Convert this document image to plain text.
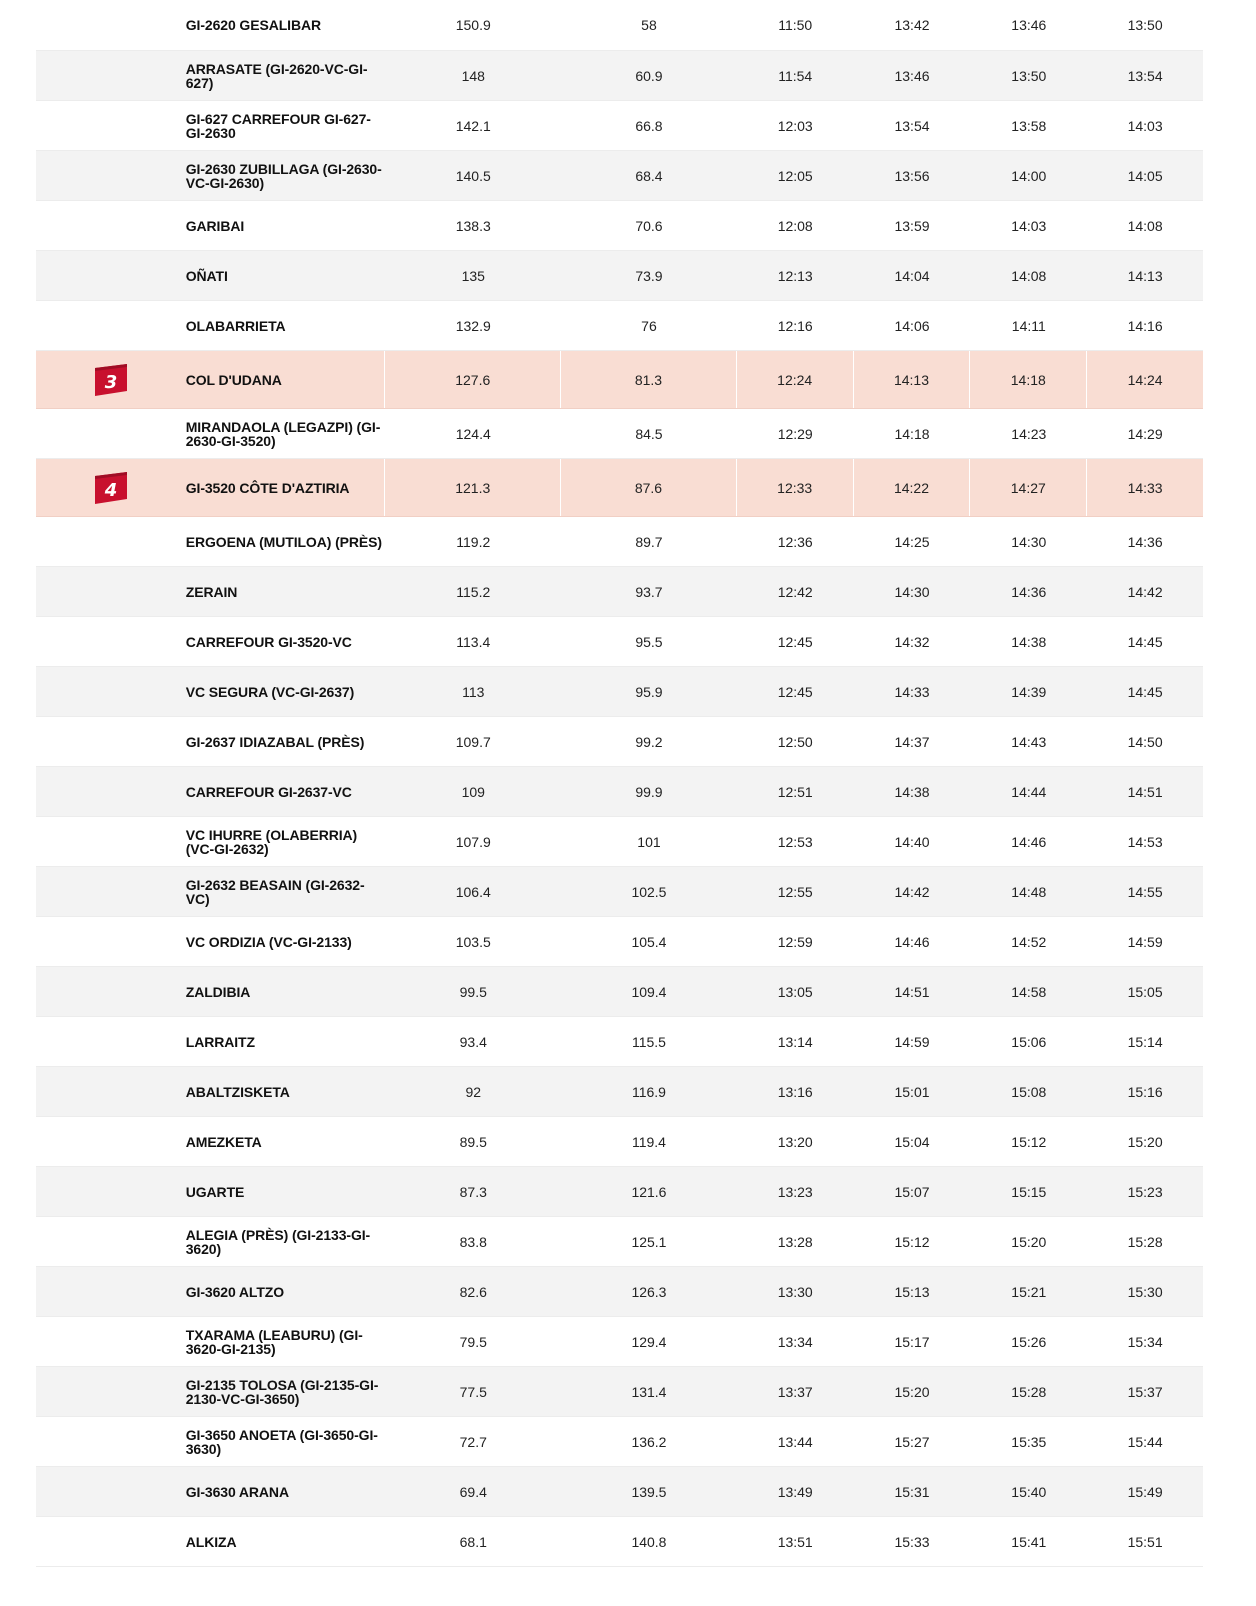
GI-2620 GESALIBAR	150.9	58	11:50	13:42	13:46	13:50
ARRASATE (GI-2620-VC-GI-627)	148	60.9	11:54	13:46	13:50	13:54
GI-627 CARREFOUR GI-627-GI-2630	142.1	66.8	12:03	13:54	13:58	14:03
GI-2630 ZUBILLAGA (GI-2630-VC-GI-2630)	140.5	68.4	12:05	13:56	14:00	14:05
GARIBAI	138.3	70.6	12:08	13:59	14:03	14:08
OÑATI	135	73.9	12:13	14:04	14:08	14:13
OLABARRIETA	132.9	76	12:16	14:06	14:11	14:16
3	COL D'UDANA	127.6	81.3	12:24	14:13	14:18	14:24
MIRANDAOLA (LEGAZPI) (GI-2630-GI-3520)	124.4	84.5	12:29	14:18	14:23	14:29
4	GI-3520 CÔTE D'AZTIRIA	121.3	87.6	12:33	14:22	14:27	14:33
ERGOENA (MUTILOA) (PRÈS)	119.2	89.7	12:36	14:25	14:30	14:36
ZERAIN	115.2	93.7	12:42	14:30	14:36	14:42
CARREFOUR GI-3520-VC	113.4	95.5	12:45	14:32	14:38	14:45
VC SEGURA (VC-GI-2637)	113	95.9	12:45	14:33	14:39	14:45
GI-2637 IDIAZABAL (PRÈS)	109.7	99.2	12:50	14:37	14:43	14:50
CARREFOUR GI-2637-VC	109	99.9	12:51	14:38	14:44	14:51
VC IHURRE (OLABERRIA) (VC-GI-2632)	107.9	101	12:53	14:40	14:46	14:53
GI-2632 BEASAIN (GI-2632-VC)	106.4	102.5	12:55	14:42	14:48	14:55
VC ORDIZIA (VC-GI-2133)	103.5	105.4	12:59	14:46	14:52	14:59
ZALDIBIA	99.5	109.4	13:05	14:51	14:58	15:05
LARRAITZ	93.4	115.5	13:14	14:59	15:06	15:14
ABALTZISKETA	92	116.9	13:16	15:01	15:08	15:16
AMEZKETA	89.5	119.4	13:20	15:04	15:12	15:20
UGARTE	87.3	121.6	13:23	15:07	15:15	15:23
ALEGIA (PRÈS) (GI-2133-GI-3620)	83.8	125.1	13:28	15:12	15:20	15:28
GI-3620 ALTZO	82.6	126.3	13:30	15:13	15:21	15:30
TXARAMA (LEABURU) (GI-3620-GI-2135)	79.5	129.4	13:34	15:17	15:26	15:34
GI-2135 TOLOSA (GI-2135-GI-2130-VC-GI-3650)	77.5	131.4	13:37	15:20	15:28	15:37
GI-3650 ANOETA (GI-3650-GI-3630)	72.7	136.2	13:44	15:27	15:35	15:44
GI-3630 ARANA	69.4	139.5	13:49	15:31	15:40	15:49
ALKIZA	68.1	140.8	13:51	15:33	15:41	15:51
